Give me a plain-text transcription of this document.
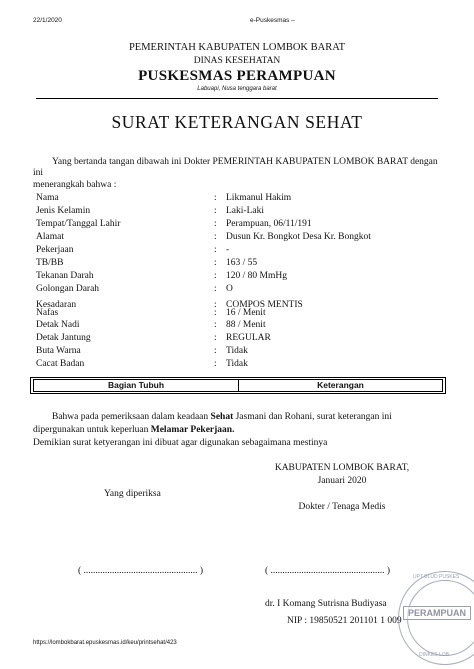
22/1/2020	e-Puskesmas –
PEMERINTAH KABUPATEN LOMBOK BARAT
DINAS KESEHATAN
PUSKESMAS PERAMPUAN
Labuapi, Nusa tenggara barat
SURAT KETERANGAN SEHAT
Yang bertanda tangan dibawah ini Dokter PEMERINTAH KABUPATEN LOMBOK BARAT dengan
ini
menerangkah bahwa :
Nama	: Likmanul Hakim
Jenis Kelamin	: Laki-Laki
Tempat/Tanggal Lahir	: Perampuan, 06/11/191
Alamat	: Dusun Kr. Bongkot Desa Kr. Bongkot
Pekerjaan	: -
TB/BB	: 163 / 55
Tekanan Darah	: 120 / 80 MmHg
Golongan Darah	: O
Kesadaran	: COMPOS MENTIS
Nafas	: 16 / Menit
Detak Nadi	: 88 / Menit
Detak Jantung	: REGULAR
Buta Warna	: Tidak
Cacat Badan	: Tidak
Bagian Tubuh	Keterangan
Bahwa pada pemeriksaan dalam keadaan Sehat Jasmani dan Rohani, surat keterangan ini
dipergunakan untuk keperluan Melamar Pekerjaan.
Demikian surat ketyerangan ini dibuat agar digunakan sebagaimana mestinya
KABUPATEN LOMBOK BARAT,
Januari 2020
Yang diperiksa
Dokter / Tenaga Medis
( ................................................ )	( ................................................ )
dr. I Komang Sutrisna Budiyasa
NIP : 19850521 201101 1 009
UPT BLUD PUSKES
DINKES LOB
PERAMPUAN
https://lombokbarat.epuskesmas.id/keu/printsehat/423
